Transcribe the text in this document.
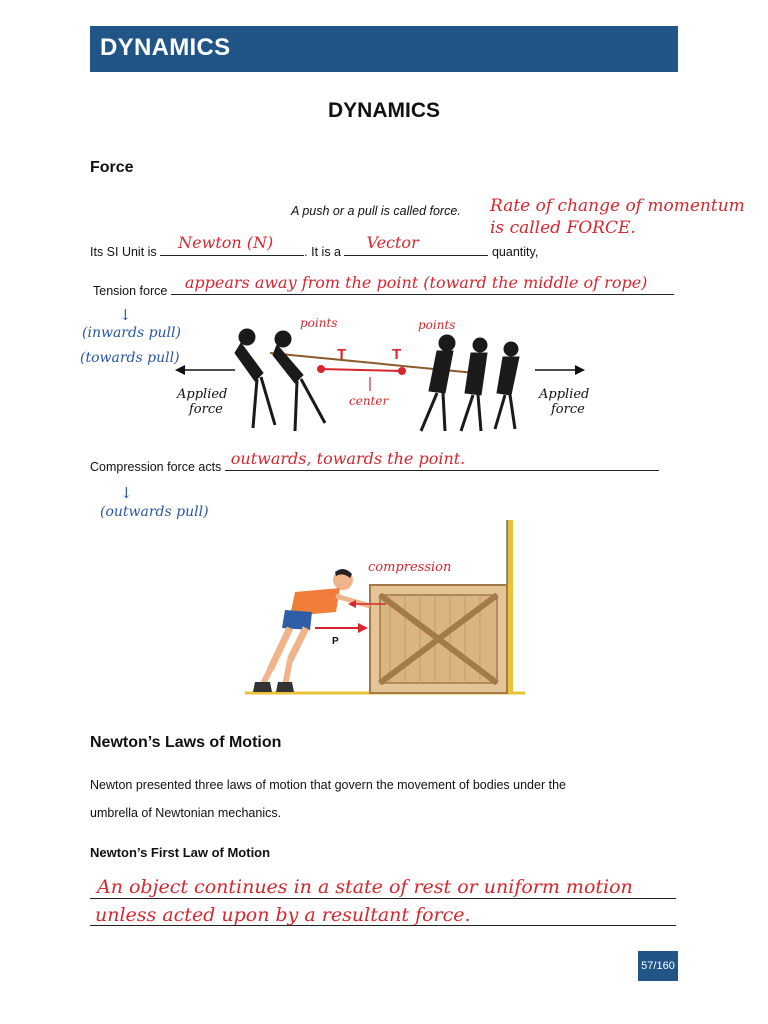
DYNAMICS
DYNAMICS
Force
A push or a pull is called force. Rate of change of momentum
is called FORCE.
Its SI Unit is Newton (N) . It is a Vector	quantity,
Tension force appears away from the point (toward the middle of rope)
↓
(inwards pull)
(towards pull)
Applied
force
Applied
force
points	points
T	T
center
Compression force acts outwards, towards the point.
↓
(outwards pull)
P
compression
Newton’s Laws of Motion
Newton presented three laws of motion that govern the movement of bodies under the
umbrella of Newtonian mechanics.
Newton’s First Law of Motion
An object continues in a state of rest or uniform motion
unless acted upon by a resultant force.
57/160
